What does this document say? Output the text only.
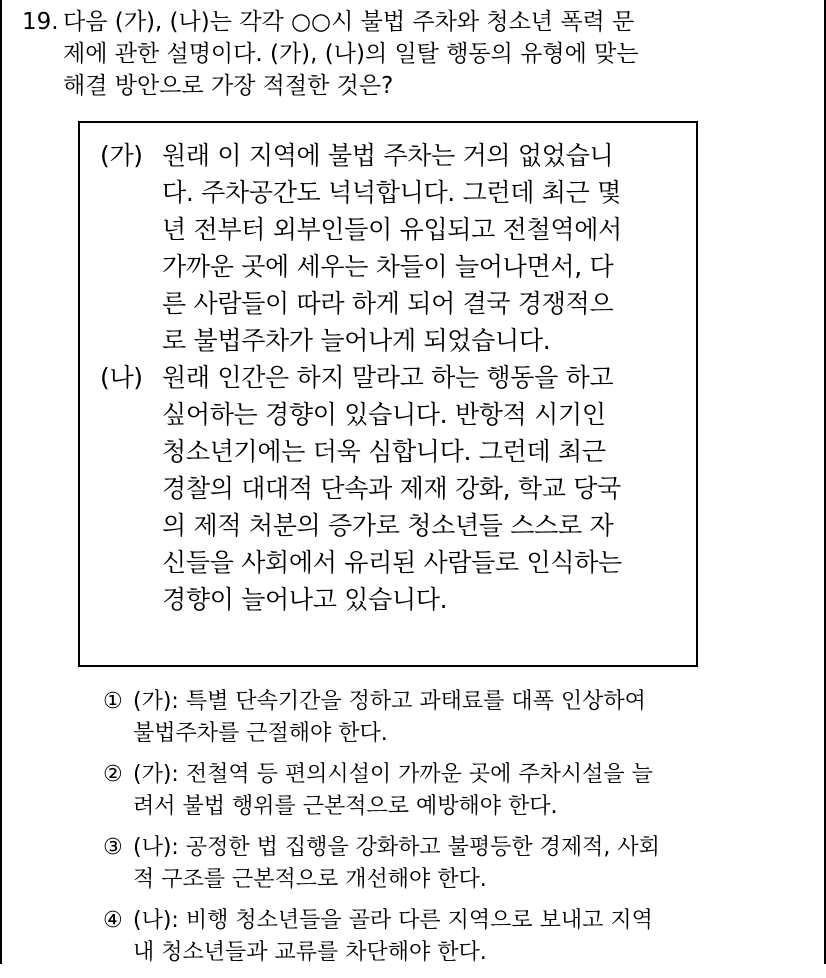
19. 다음 (가), (나)는 각각 ○○시 불법 주차와 청소년 폭력 문
제에 관한 설명이다. (가), (나)의 일탈 행동의 유형에 맞는
해결 방안으로 가장 적절한 것은?
(가) 원래 이 지역에 불법 주차는 거의 없었습니
다. 주차공간도 넉넉합니다. 그런데 최근 몇
년 전부터 외부인들이 유입되고 전철역에서
가까운 곳에 세우는 차들이 늘어나면서, 다
른 사람들이 따라 하게 되어 결국 경쟁적으
로 불법주차가 늘어나게 되었습니다.
(나) 원래 인간은 하지 말라고 하는 행동을 하고
싶어하는 경향이 있습니다. 반항적 시기인
청소년기에는 더욱 심합니다. 그런데 최근
경찰의 대대적 단속과 제재 강화, 학교 당국
의 제적 처분의 증가로 청소년들 스스로 자
신들을 사회에서 유리된 사람들로 인식하는
경향이 늘어나고 있습니다.
① (가): 특별 단속기간을 정하고 과태료를 대폭 인상하여
불법주차를 근절해야 한다.
② (가): 전철역 등 편의시설이 가까운 곳에 주차시설을 늘
려서 불법 행위를 근본적으로 예방해야 한다.
③ (나): 공정한 법 집행을 강화하고 불평등한 경제적, 사회
적 구조를 근본적으로 개선해야 한다.
④ (나): 비행 청소년들을 골라 다른 지역으로 보내고 지역
내 청소년들과 교류를 차단해야 한다.
